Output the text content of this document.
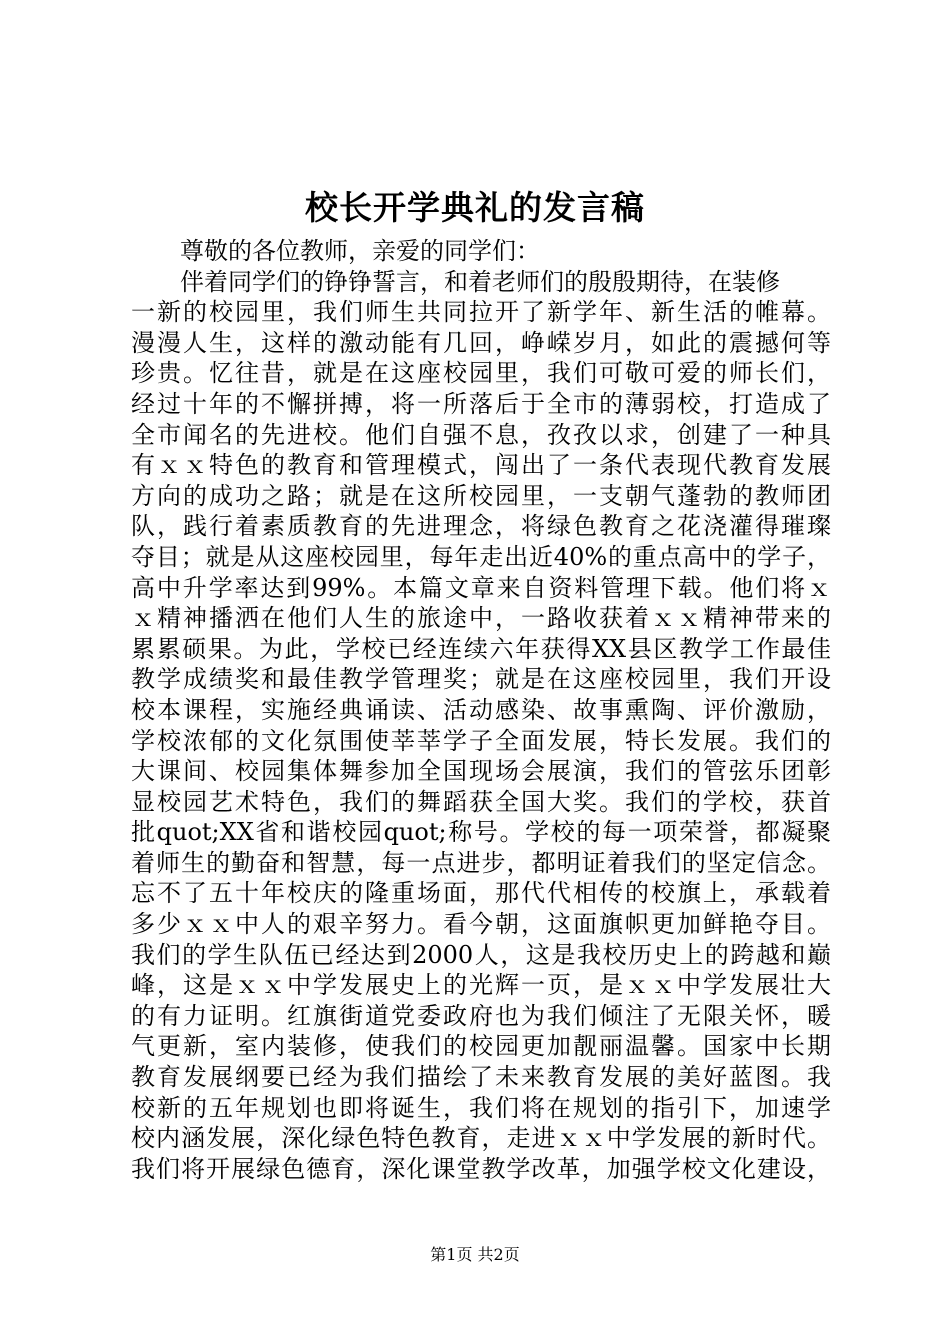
校长开学典礼的发言稿
尊敬的各位教师，亲爱的同学们：
伴着同学们的铮铮誓言，和着老师们的殷殷期待，在装修
一新的校园里，我们师生共同拉开了新学年、新生活的帷幕。
漫漫人生，这样的激动能有几回，峥嵘岁月，如此的震撼何等
珍贵。忆往昔，就是在这座校园里，我们可敬可爱的师长们，
经过十年的不懈拼搏，将一所落后于全市的薄弱校，打造成了
全市闻名的先进校。他们自强不息，孜孜以求，创建了一种具
有ｘｘ特色的教育和管理模式，闯出了一条代表现代教育发展
方向的成功之路；就是在这所校园里，一支朝气蓬勃的教师团
队，践行着素质教育的先进理念，将绿色教育之花浇灌得璀璨
夺目；就是从这座校园里，每年走出近40%的重点高中的学子，
高中升学率达到99%。本篇文章来自资料管理下载。他们将ｘ
ｘ精神播洒在他们人生的旅途中，一路收获着ｘｘ精神带来的
累累硕果。为此，学校已经连续六年获得XX县区教学工作最佳
教学成绩奖和最佳教学管理奖；就是在这座校园里，我们开设
校本课程，实施经典诵读、活动感染、故事熏陶、评价激励，
学校浓郁的文化氛围使莘莘学子全面发展，特长发展。我们的
大课间、校园集体舞参加全国现场会展演，我们的管弦乐团彰
显校园艺术特色，我们的舞蹈获全国大奖。我们的学校，获首
批quot;XX省和谐校园quot;称号。学校的每一项荣誉，都凝聚
着师生的勤奋和智慧，每一点进步，都明证着我们的坚定信念。
忘不了五十年校庆的隆重场面，那代代相传的校旗上，承载着
多少ｘｘ中人的艰辛努力。看今朝，这面旗帜更加鲜艳夺目。
我们的学生队伍已经达到2000人，这是我校历史上的跨越和巅
峰，这是ｘｘ中学发展史上的光辉一页，是ｘｘ中学发展壮大
的有力证明。红旗街道党委政府也为我们倾注了无限关怀，暖
气更新，室内装修，使我们的校园更加靓丽温馨。国家中长期
教育发展纲要已经为我们描绘了未来教育发展的美好蓝图。我
校新的五年规划也即将诞生，我们将在规划的指引下，加速学
校内涵发展，深化绿色特色教育，走进ｘｘ中学发展的新时代。
我们将开展绿色德育，深化课堂教学改革，加强学校文化建设，
第1页 共2页
